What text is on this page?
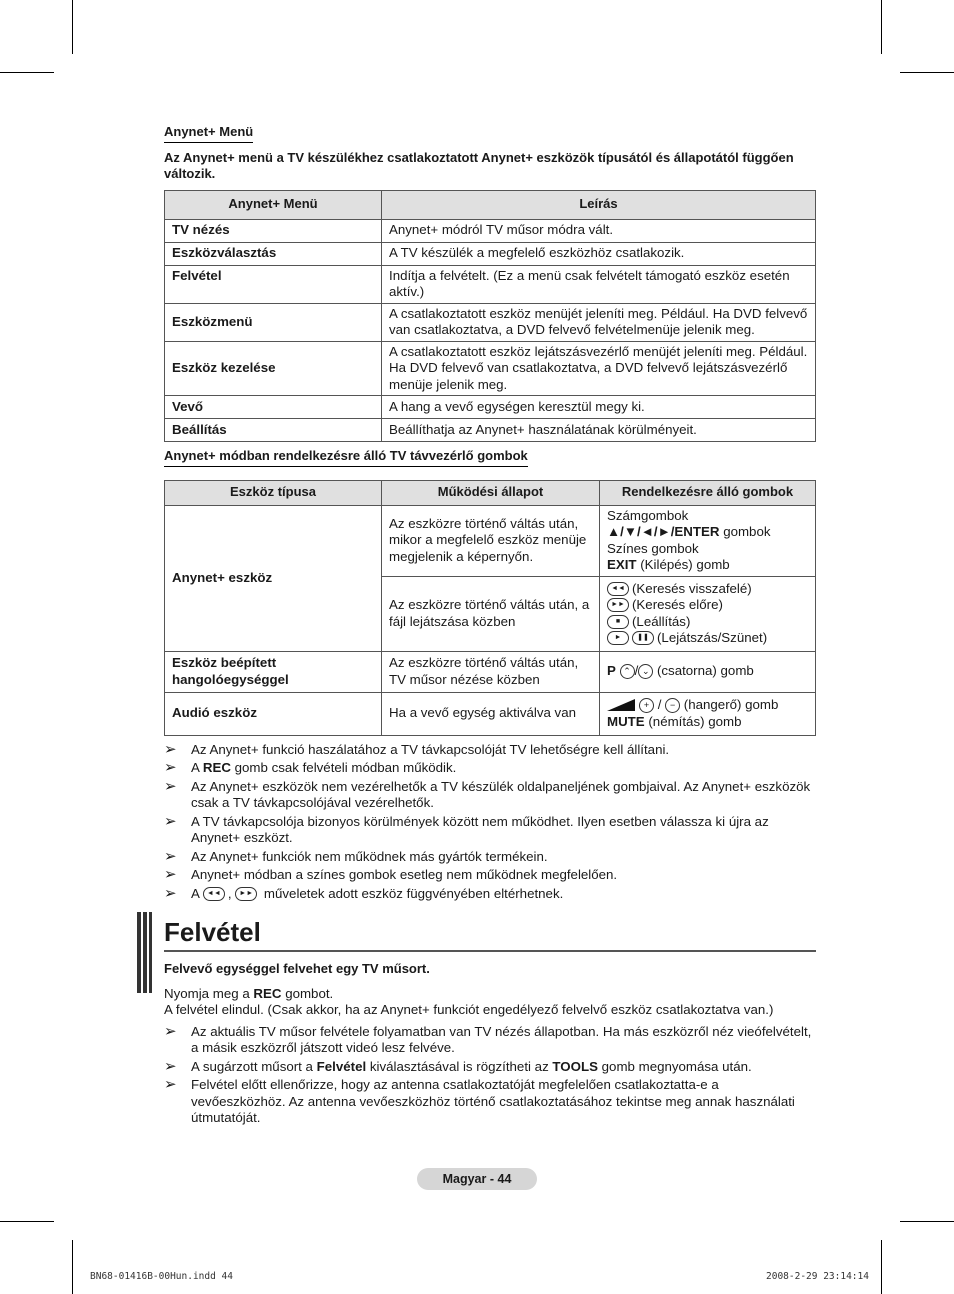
Anynet+ Menü
Az Anynet+ menü a TV készülékhez csatlakoztatott Anynet+ eszközök típusától és állapotától függően változik.
Anynet+ Menü	Leírás
TV nézés	Anynet+ módról TV műsor módra vált.
Eszközválasztás	A TV készülék a megfelelő eszközhöz csatlakozik.
Felvétel	Indítja a felvételt. (Ez a menü csak felvételt támogató eszköz esetén aktív.)
Eszközmenü	A csatlakoztatott eszköz menüjét jeleníti meg. Például. Ha DVD felvevő van csatlakoztatva, a DVD felvevő felvételmenüje jelenik meg.
Eszköz kezelése	A csatlakoztatott eszköz lejátszásvezérlő menüjét jeleníti meg. Például. Ha DVD felvevő van csatlakoztatva, a DVD felvevő lejátszásvezérlő menüje jelenik meg.
Vevő	A hang a vevő egységen keresztül megy ki.
Beállítás	Beállíthatja az Anynet+ használatának körülményeit.
Anynet+ módban rendelkezésre álló TV távvezérlő gombok
Eszköz típusa	Működési állapot	Rendelkezésre álló gombok
Anynet+ eszköz	Az eszközre történő váltás után, mikor a megfelelő eszköz menüje megjelenik a képernyőn.	Számgombok
▲/▼/◄/►/ENTER gombok
Színes gombok
EXIT (Kilépés) gomb

	Az eszközre történő váltás után, a fájl lejátszása közben	◄◄ (Keresés visszafelé)
►► (Keresés előre)
■ (Leállítás)
► ❚❚ (Lejátszás/Szünet)

Eszköz beépített hangolóegységgel	Az eszközre történő váltás után, TV műsor nézése közben	P ⌃ / ⌄ (csatorna) gomb
Audió eszköz	Ha a vevő egység aktiválva van	+ / − (hangerő) gomb
MUTE (némítás) gomb
➢ Az Anynet+ funkció haszálatához a TV távkapcsolóját TV lehetőségre kell állítani.
➢ A REC gomb csak felvételi módban működik.
➢ Az Anynet+ eszközök nem vezérelhetők a TV készülék oldalpaneljének gombjaival. Az Anynet+ eszközök csak a TV távkapcsolójával vezérelhetők.
➢ A TV távkapcsolója bizonyos körülmények között nem működhet. Ilyen esetben válassza ki újra az Anynet+ eszközt.
➢ Az Anynet+ funkciók nem működnek más gyártók termékein.
➢ Anynet+ módban a színes gombok esetleg nem működnek megfelelően.
➢ A ◄◄ , ►► műveletek adott eszköz függvényében eltérhetnek.
Felvétel
Felvevő egységgel felvehet egy TV műsort.
Nyomja meg a REC gombot.
A felvétel elindul. (Csak akkor, ha az Anynet+ funkciót engedélyező felvelvő eszköz csatlakoztatva van.)
➢ Az aktuális TV műsor felvétele folyamatban van TV nézés állapotban. Ha más eszközről néz vieófelvételt, a másik eszközről játszott videó lesz felvéve.
➢ A sugárzott műsort a Felvétel kiválasztásával is rögzítheti az TOOLS gomb megnyomása után.
➢ Felvétel előtt ellenőrizze, hogy az antenna csatlakoztatóját megfelelően csatlakoztatta-e a vevőeszközhöz. Az antenna vevőeszközhöz történő csatlakoztatásához tekintse meg annak használati útmutatóját.
Magyar - 44
BN68-01416B-00Hun.indd 44	2008-2-29 23:14:14
